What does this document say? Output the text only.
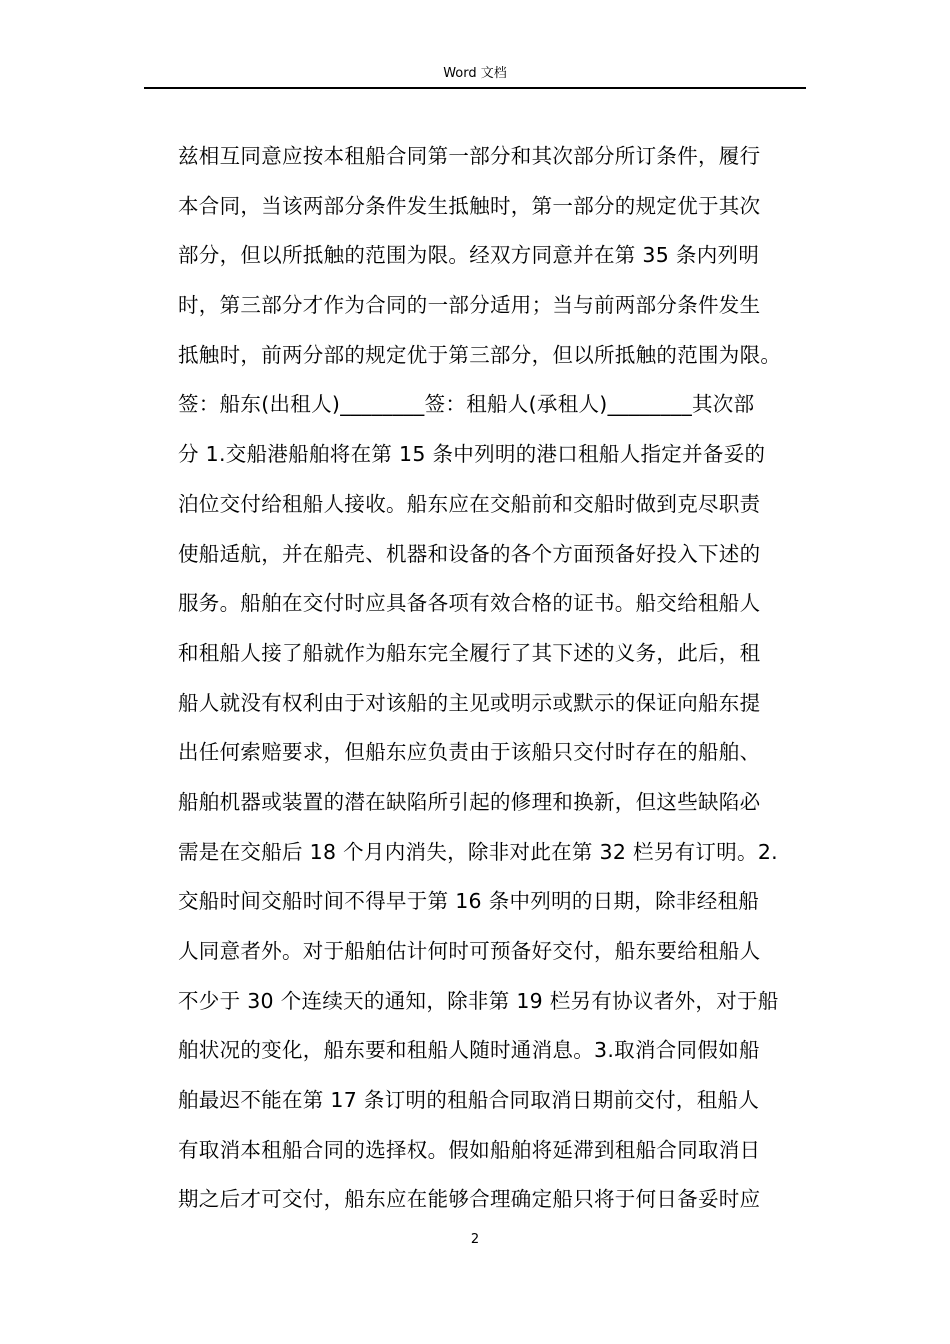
Word 文档
兹相互同意应按本租船合同第一部分和其次部分所订条件，履行
本合同，当该两部分条件发生抵触时，第一部分的规定优于其次
部分，但以所抵触的范围为限。经双方同意并在第 35 条内列明
时，第三部分才作为合同的一部分适用；当与前两部分条件发生
抵触时，前两分部的规定优于第三部分，但以所抵触的范围为限。
签：船东(出租人)________签：租船人(承租人)________其次部
分 1.交船港船舶将在第 15 条中列明的港口租船人指定并备妥的
泊位交付给租船人接收。船东应在交船前和交船时做到克尽职责
使船适航，并在船壳、机器和设备的各个方面预备好投入下述的
服务。船舶在交付时应具备各项有效合格的证书。船交给租船人
和租船人接了船就作为船东完全履行了其下述的义务，此后，租
船人就没有权利由于对该船的主见或明示或默示的保证向船东提
出任何索赔要求，但船东应负责由于该船只交付时存在的船舶、
船舶机器或装置的潜在缺陷所引起的修理和换新，但这些缺陷必
需是在交船后 18 个月内消失，除非对此在第 32 栏另有订明。2.
交船时间交船时间不得早于第 16 条中列明的日期，除非经租船
人同意者外。对于船舶估计何时可预备好交付，船东要给租船人
不少于 30 个连续天的通知，除非第 19 栏另有协议者外，对于船
舶状况的变化，船东要和租船人随时通消息。3.取消合同假如船
舶最迟不能在第 17 条订明的租船合同取消日期前交付，租船人
有取消本租船合同的选择权。假如船舶将延滞到租船合同取消日
期之后才可交付，船东应在能够合理确定船只将于何日备妥时应
2
